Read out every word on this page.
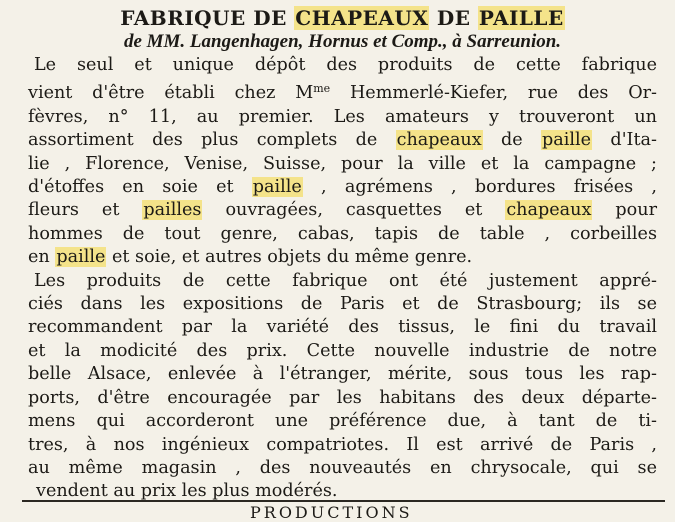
FABRIQUE DE CHAPEAUX DE PAILLE
de MM. Langenhagen, Hornus et Comp., à Sarreunion.
Le seul et unique dépôt des produits de cette fabrique
vient d'être établi chez $M^{me}$ Hemmerlé-Kiefer, rue des Or-
fèvres, n° 11, au premier. Les amateurs y trouveront un
assortiment des plus complets de chapeaux de paille d'Ita-
lie , Florence, Venise, Suisse, pour la ville et la campagne ;
d'étoffes en soie et paille , agrémens , bordures frisées ,
fleurs et pailles ouvragées, casquettes et chapeaux pour
hommes de tout genre, cabas, tapis de table , corbeilles
en paille et soie, et autres objets du même genre.
Les produits de cette fabrique ont été justement appré-
ciés dans les expositions de Paris et de Strasbourg; ils se
recommandent par la variété des tissus, le fini du travail
et la modicité des prix. Cette nouvelle industrie de notre
belle Alsace, enlevée à l'étranger, mérite, sous tous les rap-
ports, d'être encouragée par les habitans des deux départe-
mens qui accorderont une préférence due, à tant de ti-
tres, à nos ingénieux compatriotes. Il est arrivé de Paris ,
au même magasin , des nouveautés en chrysocale, qui se
vendent au prix les plus modérés.
PRODUCTIONS
